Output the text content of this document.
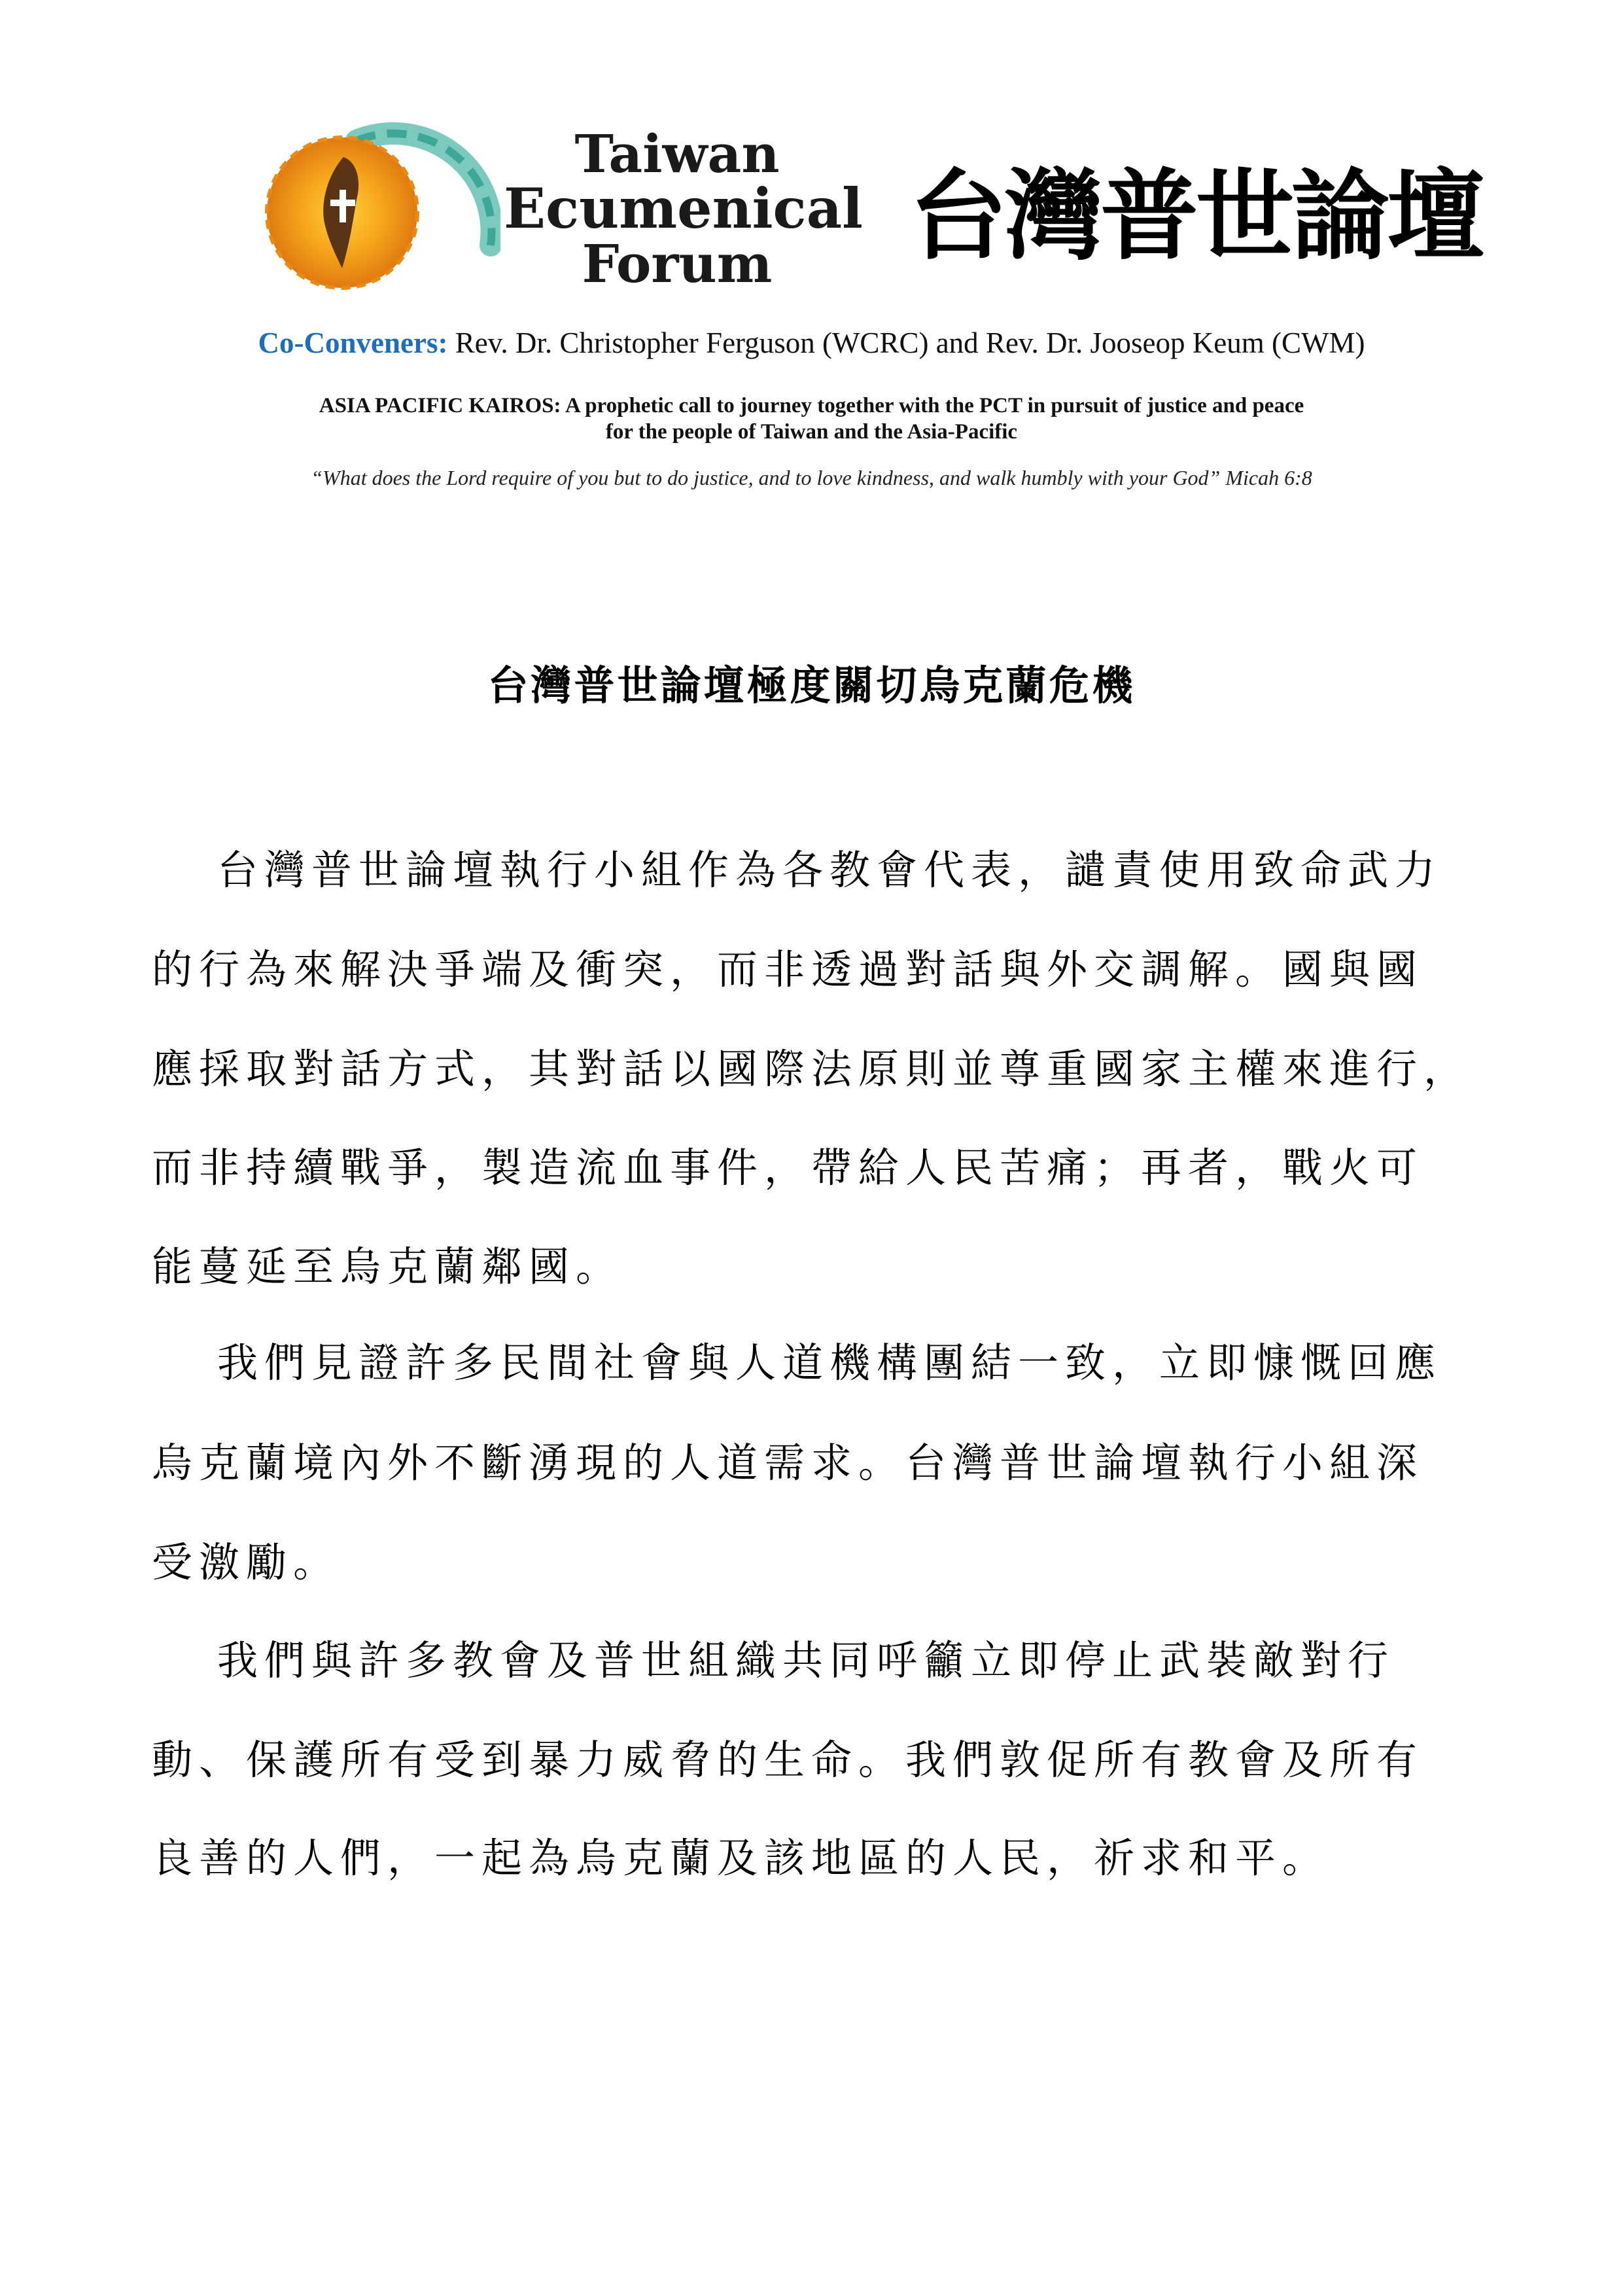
Taiwan
Ecumenical
Forum	台灣普世論壇
Co-Conveners: Rev. Dr. Christopher Ferguson (WCRC) and Rev. Dr. Jooseop Keum (CWM)
ASIA PACIFIC KAIROS: A prophetic call to journey together with the PCT in pursuit of justice and peace
for the people of Taiwan and the Asia-Pacific
“What does the Lord require of you but to do justice, and to love kindness, and walk humbly with your God” Micah 6:8
台灣普世論壇極度關切烏克蘭危機
台灣普世論壇執行小組作為各教會代表，譴責使用致命武力
的行為來解決爭端及衝突，而非透過對話與外交調解。國與國
應採取對話方式，其對話以國際法原則並尊重國家主權來進行，
而非持續戰爭，製造流血事件，帶給人民苦痛；再者，戰火可
能蔓延至烏克蘭鄰國。
我們見證許多民間社會與人道機構團結一致，立即慷慨回應
烏克蘭境內外不斷湧現的人道需求。台灣普世論壇執行小組深
受激勵。
我們與許多教會及普世組織共同呼籲立即停止武裝敵對行
動、保護所有受到暴力威脅的生命。我們敦促所有教會及所有
良善的人們，一起為烏克蘭及該地區的人民，祈求和平。
